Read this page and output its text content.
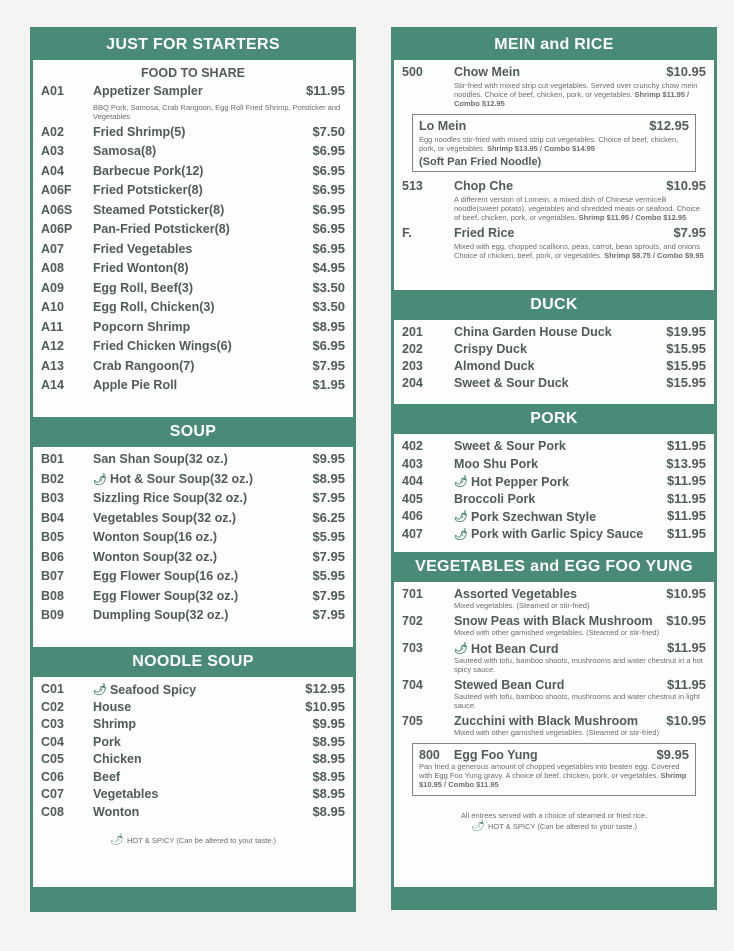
JUST FOR STARTERS
FOOD TO SHARE
A01	Appetizer Sampler	$11.95
BBQ Pork, Samosa, Crab Rangoon, Egg Roll Fried Shrimp, Potsticker and Vegetables
A02	Fried Shrimp(5)	$7.50
A03	Samosa(8)	$6.95
A04	Barbecue Pork(12)	$6.95
A06F	Fried Potsticker(8)	$6.95
A06S	Steamed Potsticker(8)	$6.95
A06P	Pan-Fried Potsticker(8)	$6.95
A07	Fried Vegetables	$6.95
A08	Fried Wonton(8)	$4.95
A09	Egg Roll, Beef(3)	$3.50
A10	Egg Roll, Chicken(3)	$3.50
A11	Popcorn Shrimp	$8.95
A12	Fried Chicken Wings(6)	$6.95
A13	Crab Rangoon(7)	$7.95
A14	Apple Pie Roll	$1.95
SOUP
B01	San Shan Soup(32 oz.)	$9.95
B02	🌶︎ Hot & Sour Soup(32 oz.)	$8.95
B03	Sizzling Rice Soup(32 oz.)	$7.95
B04	Vegetables Soup(32 oz.)	$6.25
B05	Wonton Soup(16 oz.)	$5.95
B06	Wonton Soup(32 oz.)	$7.95
B07	Egg Flower Soup(16 oz.)	$5.95
B08	Egg Flower Soup(32 oz.)	$7.95
B09	Dumpling Soup(32 oz.)	$7.95
NOODLE SOUP
C01	🌶︎ Seafood Spicy	$12.95
C02	House	$10.95
C03	Shrimp	$9.95
C04	Pork	$8.95
C05	Chicken	$8.95
C06	Beef	$8.95
C07	Vegetables	$8.95
C08	Wonton	$8.95
🌶︎ HOT & SPICY (Can be altered to your taste.)
MEIN and RICE
500	Chow Mein	$10.95
Stir-fried with mixed strip cut vegetables. Served over crunchy chow mein noodles. Choice of beef, chicken, pork, or vegetables. Shrimp $11.95 / Combo $12.95
Lo Mein	$12.95
Egg noodles stir-fried with mixed strip cut vegetables. Choice of beef, chicken, pork, or vegetables. Shrimp $13.95 / Combo $14.95
(Soft Pan Fried Noodle)
513	Chop Che	$10.95
A different version of Lomein, a mixed dish of Chinese vermicelli noodle(sweet potato), vegetables and shredded meats or seafood. Choice of beef, chicken, pork, or vegetables. Shrimp $11.95 / Combo $12.95
F.	Fried Rice	$7.95
Mixed with egg, chopped scallions, peas, carrot, bean sprouts, and onions Choice of chicken, beef, pork, or vegetables. Shrimp $8.75 / Combo $9.95
DUCK
201	China Garden House Duck	$19.95
202	Crispy Duck	$15.95
203	Almond Duck	$15.95
204	Sweet & Sour Duck	$15.95
PORK
402	Sweet & Sour Pork	$11.95
403	Moo Shu Pork	$13.95
404	🌶︎ Hot Pepper Pork	$11.95
405	Broccoli Pork	$11.95
406	🌶︎ Pork Szechwan Style	$11.95
407	🌶︎ Pork with Garlic Spicy Sauce $11.95
VEGETABLES and EGG FOO YUNG
701	Assorted Vegetables	$10.95
Mixed vegetables. (Steamed or stir-fried)
702	Snow Peas with Black Mushroom $10.95
Mixed with other garnished vegetables. (Steamed or stir-fried)
703	🌶︎ Hot Bean Curd	$11.95
Sauteed with tofu, bamboo shoots, mushrooms and water chestnut in a hot spicy sauce.
704	Stewed Bean Curd	$11.95
Sauteed with tofu, bamboo shoots, mushrooms and water chestnut in light sauce.
705	Zucchini with Black Mushroom $10.95
Mixed with other garnished vegetables. (Steamed or stir-fried)
800 Egg Foo Yung	$9.95
Pan fried a generous amount of chopped vegetables into beaten egg. Covered with Egg Foo Yung gravy. A choice of beef, chicken, pork, or vegetables. Shrimp $10.95 / Combo $11.95
All entrees served with a choice of steamed or fried rice.
🌶︎ HOT & SPICY (Can be altered to your taste.)
